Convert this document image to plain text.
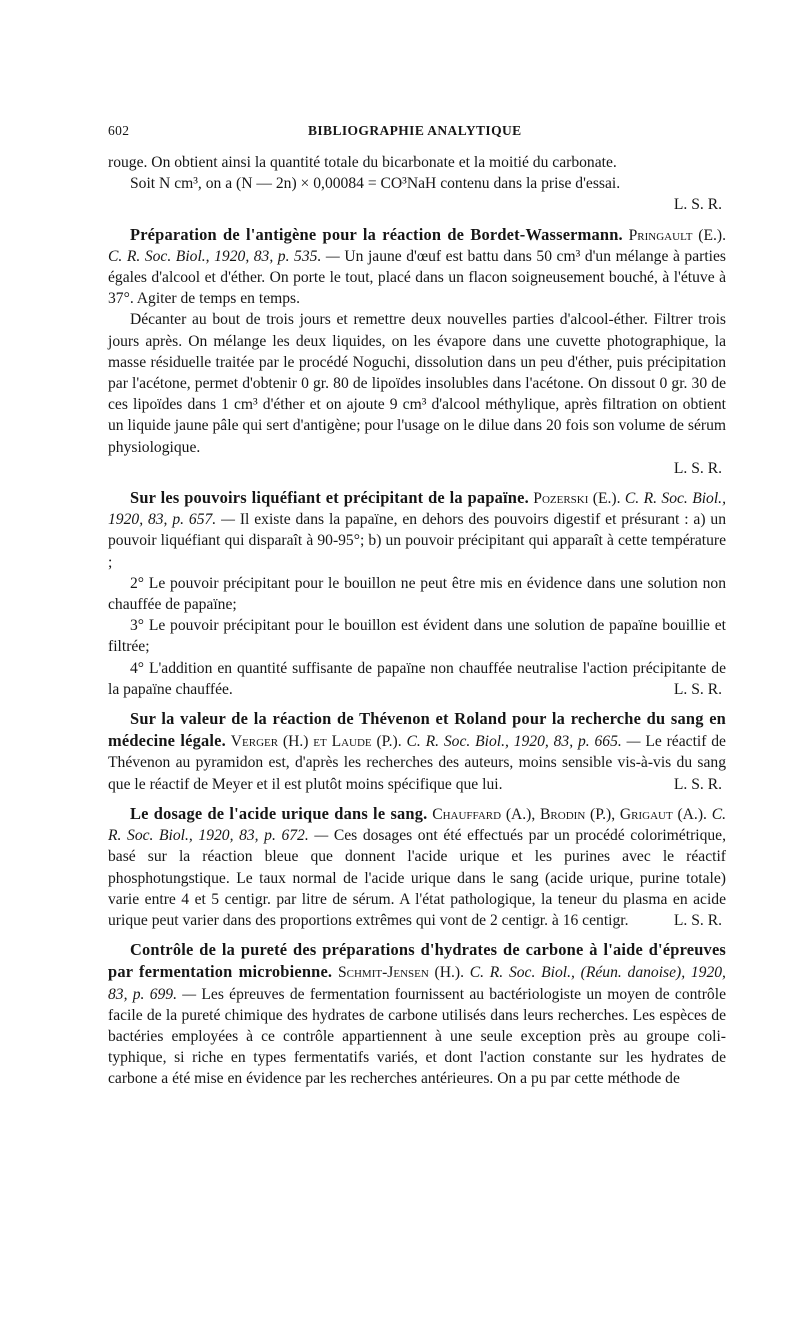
602	BIBLIOGRAPHIE ANALYTIQUE

rouge. On obtient ainsi la quantité totale du bicarbonate et la moitié du carbonate.

Soit N cm³, on a (N — 2n) × 0,00084 = CO³NaH contenu dans la prise d'essai.

L. S. R.

Préparation de l'antigène pour la réaction de Bordet-Wassermann. Pringault (E.). C. R. Soc. Biol., 1920, 83, p. 535. — Un jaune d'œuf est battu dans 50 cm³ d'un mélange à parties égales d'alcool et d'éther. On porte le tout, placé dans un flacon soigneusement bouché, à l'étuve à 37°. Agiter de temps en temps.

Décanter au bout de trois jours et remettre deux nouvelles parties d'alcool-éther. Filtrer trois jours après. On mélange les deux liquides, on les évapore dans une cuvette photographique, la masse résiduelle traitée par le procédé Noguchi, dissolution dans un peu d'éther, puis précipitation par l'acétone, permet d'obtenir 0 gr. 80 de lipoïdes insolubles dans l'acétone. On dissout 0 gr. 30 de ces lipoïdes dans 1 cm³ d'éther et on ajoute 9 cm³ d'alcool méthylique, après filtration on obtient un liquide jaune pâle qui sert d'antigène; pour l'usage on le dilue dans 20 fois son volume de sérum physiologique.

L. S. R.

Sur les pouvoirs liquéfiant et précipitant de la papaïne. Pozerski (E.). C. R. Soc. Biol., 1920, 83, p. 657. — Il existe dans la papaïne, en dehors des pouvoirs digestif et présurant : a) un pouvoir liquéfiant qui disparaît à 90-95°; b) un pouvoir précipitant qui apparaît à cette température ;

2° Le pouvoir précipitant pour le bouillon ne peut être mis en évidence dans une solution non chauffée de papaïne;

3° Le pouvoir précipitant pour le bouillon est évident dans une solution de papaïne bouillie et filtrée;

4° L'addition en quantité suffisante de papaïne non chauffée neutralise l'action précipitante de la papaïne chauffée.	L. S. R.

Sur la valeur de la réaction de Thévenon et Roland pour la recherche du sang en médecine légale. Verger (H.) et Laude (P.). C. R. Soc. Biol., 1920, 83, p. 665. — Le réactif de Thévenon au pyramidon est, d'après les recherches des auteurs, moins sensible vis-à-vis du sang que le réactif de Meyer et il est plutôt moins spécifique que lui.	L. S. R.

Le dosage de l'acide urique dans le sang. Chauffard (A.), Brodin (P.), Grigaut (A.). C. R. Soc. Biol., 1920, 83, p. 672. — Ces dosages ont été effectués par un procédé colorimétrique, basé sur la réaction bleue que donnent l'acide urique et les purines avec le réactif phosphotungstique. Le taux normal de l'acide urique dans le sang (acide urique, purine totale) varie entre 4 et 5 centigr. par litre de sérum. A l'état pathologique, la teneur du plasma en acide urique peut varier dans des proportions extrêmes qui vont de 2 centigr. à 16 centigr.	L. S. R.

Contrôle de la pureté des préparations d'hydrates de carbone à l'aide d'épreuves par fermentation microbienne. Schmit-Jensen (H.). C. R. Soc. Biol., (Réun. danoise), 1920, 83, p. 699. — Les épreuves de fermentation fournissent au bactériologiste un moyen de contrôle facile de la pureté chimique des hydrates de carbone utilisés dans leurs recherches. Les espèces de bactéries employées à ce contrôle appartiennent à une seule exception près au groupe coli-typhique, si riche en types fermentatifs variés, et dont l'action constante sur les hydrates de carbone a été mise en évidence par les recherches antérieures. On a pu par cette méthode de
